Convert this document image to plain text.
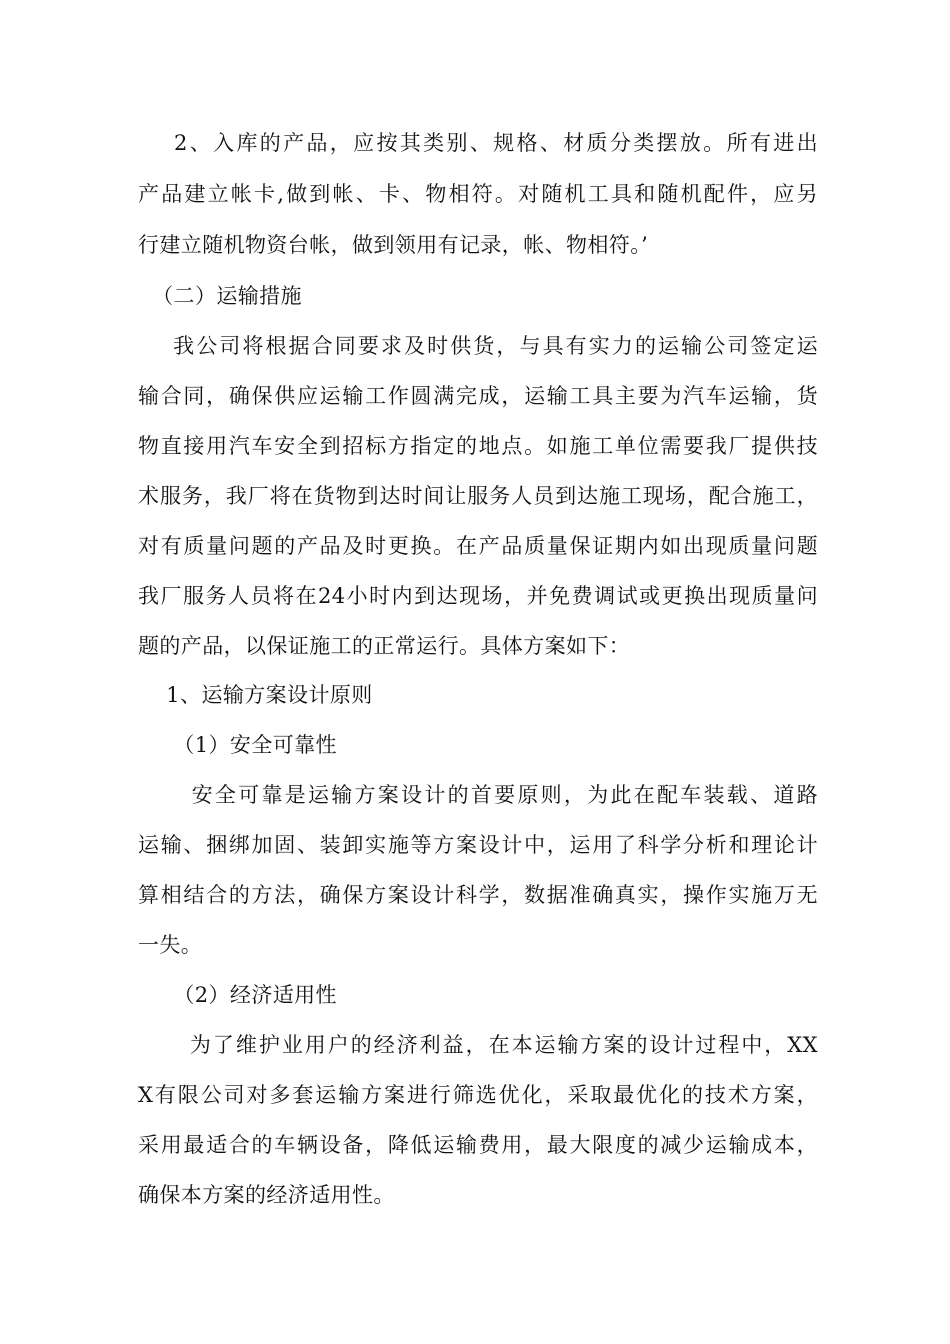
2、入库的产品，应按其类别、规格、材质分类摆放。所有进出
产品建立帐卡,做到帐、卡、物相符。对随机工具和随机配件，应另
行建立随机物资台帐，做到领用有记录，帐、物相符。’
（二）运输措施
我公司将根据合同要求及时供货，与具有实力的运输公司签定运
输合同，确保供应运输工作圆满完成，运输工具主要为汽车运输，货
物直接用汽车安全到招标方指定的地点。如施工单位需要我厂提供技
术服务，我厂将在货物到达时间让服务人员到达施工现场，配合施工，
对有质量问题的产品及时更换。在产品质量保证期内如出现质量问题
我厂服务人员将在24小时内到达现场，并免费调试或更换出现质量问
题的产品，以保证施工的正常运行。具体方案如下：
1、运输方案设计原则
（1）安全可靠性
安全可靠是运输方案设计的首要原则，为此在配车装载、道路
运输、捆绑加固、装卸实施等方案设计中，运用了科学分析和理论计
算相结合的方法，确保方案设计科学，数据准确真实，操作实施万无
一失。
（2）经济适用性
为了维护业用户的经济利益，在本运输方案的设计过程中，XX
X有限公司对多套运输方案进行筛选优化，采取最优化的技术方案，
采用最适合的车辆设备，降低运输费用，最大限度的减少运输成本，
确保本方案的经济适用性。
